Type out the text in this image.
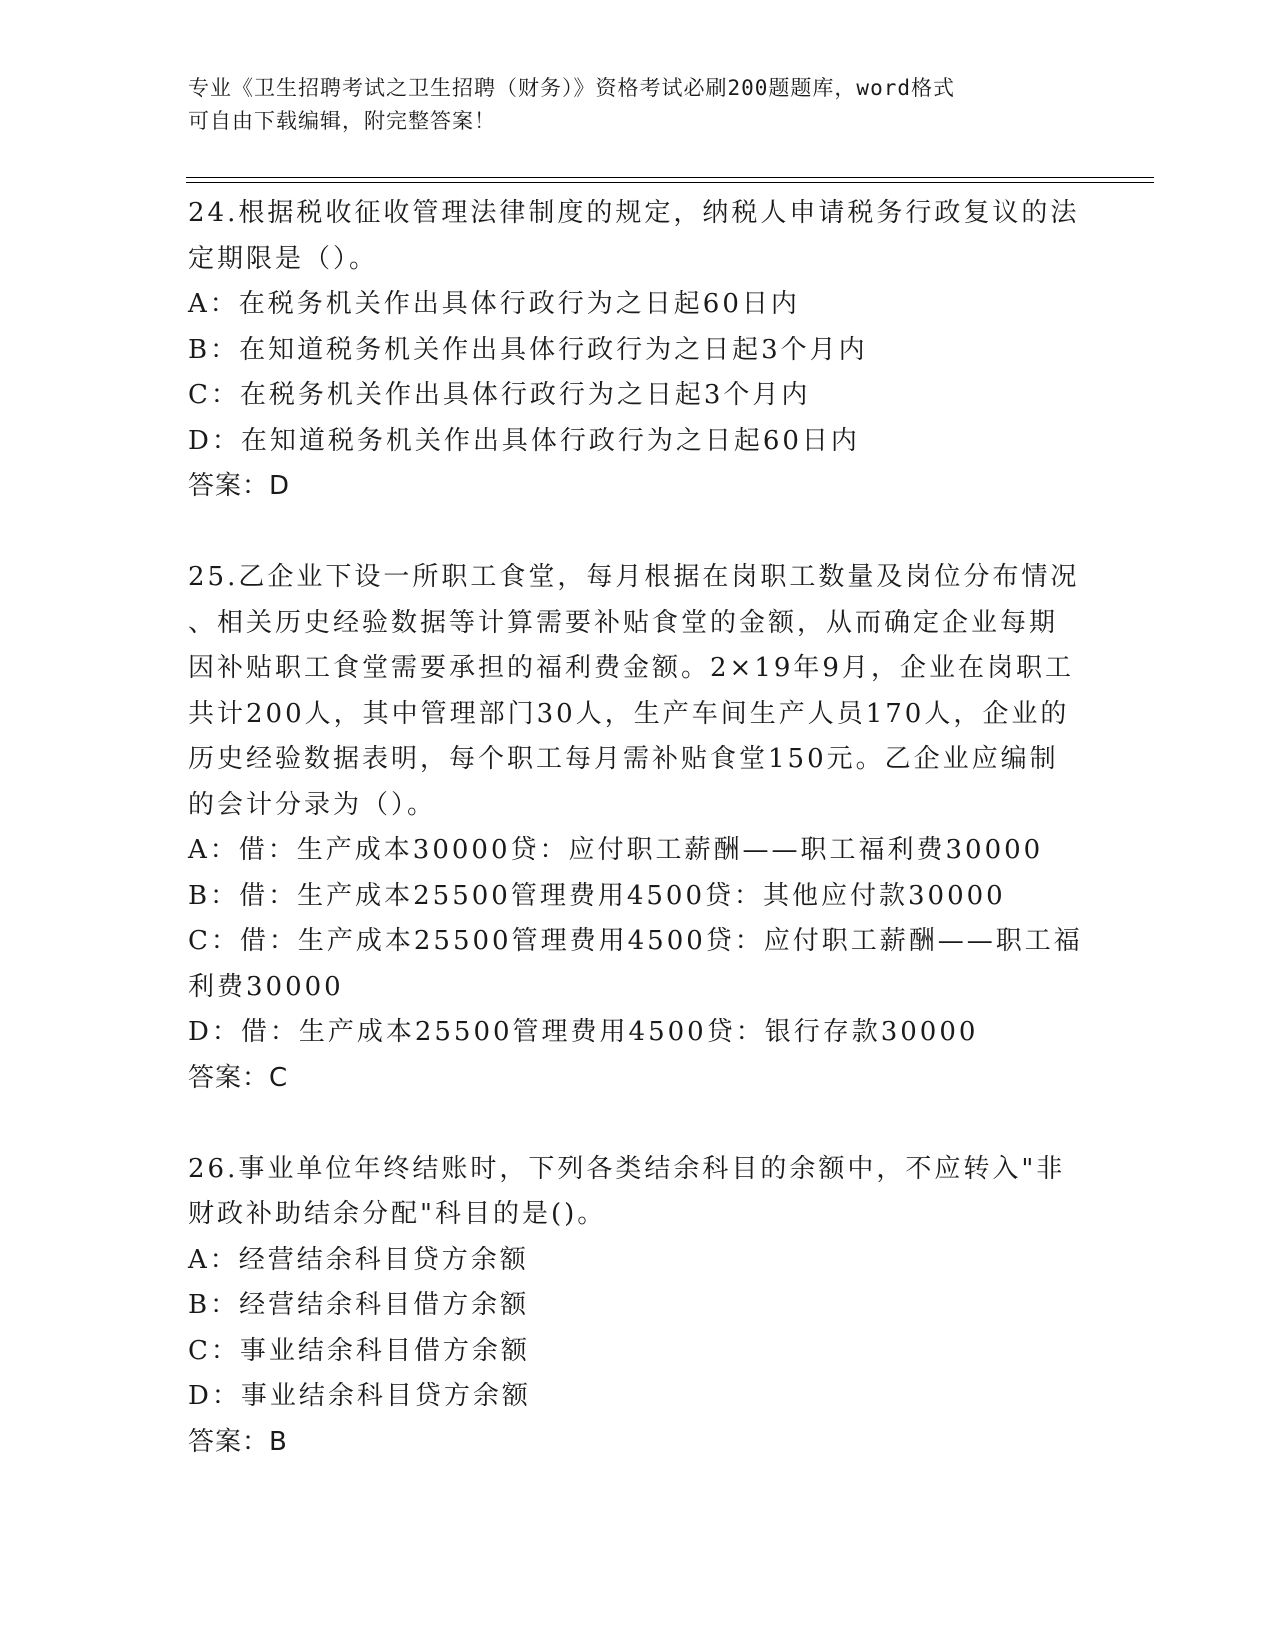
专业《卫生招聘考试之卫生招聘（财务）》资格考试必刷200题题库，word格式
可自由下载编辑，附完整答案！
24.根据税收征收管理法律制度的规定，纳税人申请税务行政复议的法
定期限是（）。
A：在税务机关作出具体行政行为之日起60日内
B：在知道税务机关作出具体行政行为之日起3个月内
C：在税务机关作出具体行政行为之日起3个月内
D：在知道税务机关作出具体行政行为之日起60日内
答案：D
25.乙企业下设一所职工食堂，每月根据在岗职工数量及岗位分布情况
、相关历史经验数据等计算需要补贴食堂的金额，从而确定企业每期
因补贴职工食堂需要承担的福利费金额。2×19年9月，企业在岗职工
共计200人，其中管理部门30人，生产车间生产人员170人，企业的
历史经验数据表明，每个职工每月需补贴食堂150元。乙企业应编制
的会计分录为（）。
A：借：生产成本30000贷：应付职工薪酬——职工福利费30000
B：借：生产成本25500管理费用4500贷：其他应付款30000
C：借：生产成本25500管理费用4500贷：应付职工薪酬——职工福
利费30000
D：借：生产成本25500管理费用4500贷：银行存款30000
答案：C
26.事业单位年终结账时，下列各类结余科目的余额中，不应转入"非
财政补助结余分配"科目的是()。
A：经营结余科目贷方余额
B：经营结余科目借方余额
C：事业结余科目借方余额
D：事业结余科目贷方余额
答案：B
